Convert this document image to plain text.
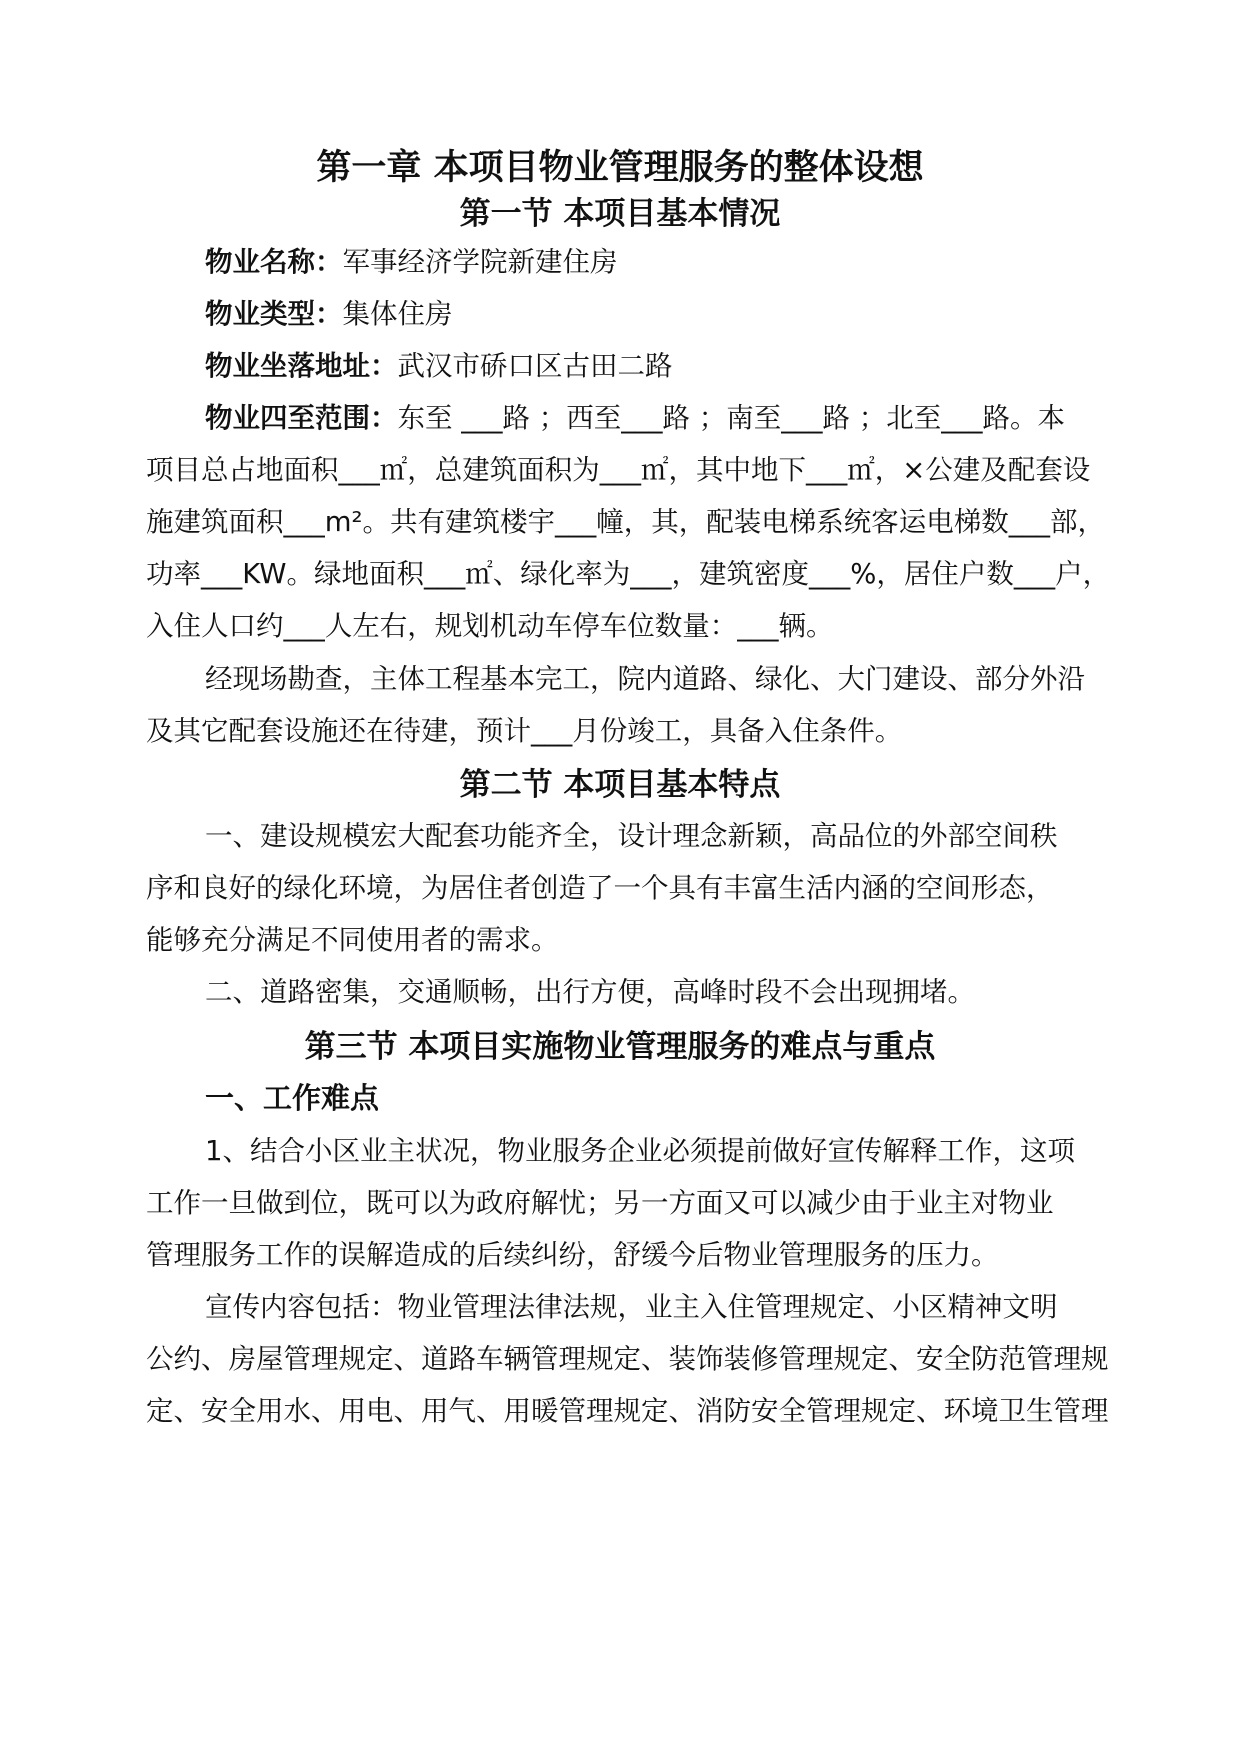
第一章 本项目物业管理服务的整体设想
第一节 本项目基本情况

物业名称：军事经济学院新建住房

物业类型：集体住房

物业坐落地址：武汉市硚口区古田二路

物业四至范围：东至 ___路 ；西至___路 ；南至___路 ；北至___路。本

项目总占地面积___㎡，总建筑面积为___㎡，其中地下___㎡，×公建及配套设

施建筑面积___m²。共有建筑楼宇___幢，其，配装电梯系统客运电梯数___部，

功率___KW。绿地面积___㎡、绿化率为___，建筑密度___%，居住户数___户，

入住人口约___人左右，规划机动车停车位数量：___辆。

经现场勘查，主体工程基本完工，院内道路、绿化、大门建设、部分外沿

及其它配套设施还在待建，预计___月份竣工，具备入住条件。

第二节 本项目基本特点

一、建设规模宏大配套功能齐全，设计理念新颖，高品位的外部空间秩

序和良好的绿化环境，为居住者创造了一个具有丰富生活内涵的空间形态，

能够充分满足不同使用者的需求。

二、道路密集，交通顺畅，出行方便，高峰时段不会出现拥堵。

第三节 本项目实施物业管理服务的难点与重点
一、工作难点

1、结合小区业主状况，物业服务企业必须提前做好宣传解释工作，这项

工作一旦做到位，既可以为政府解忧；另一方面又可以减少由于业主对物业

管理服务工作的误解造成的后续纠纷，舒缓今后物业管理服务的压力。

宣传内容包括：物业管理法律法规，业主入住管理规定、小区精神文明

公约、房屋管理规定、道路车辆管理规定、装饰装修管理规定、安全防范管理规

定、安全用水、用电、用气、用暖管理规定、消防安全管理规定、环境卫生管理
